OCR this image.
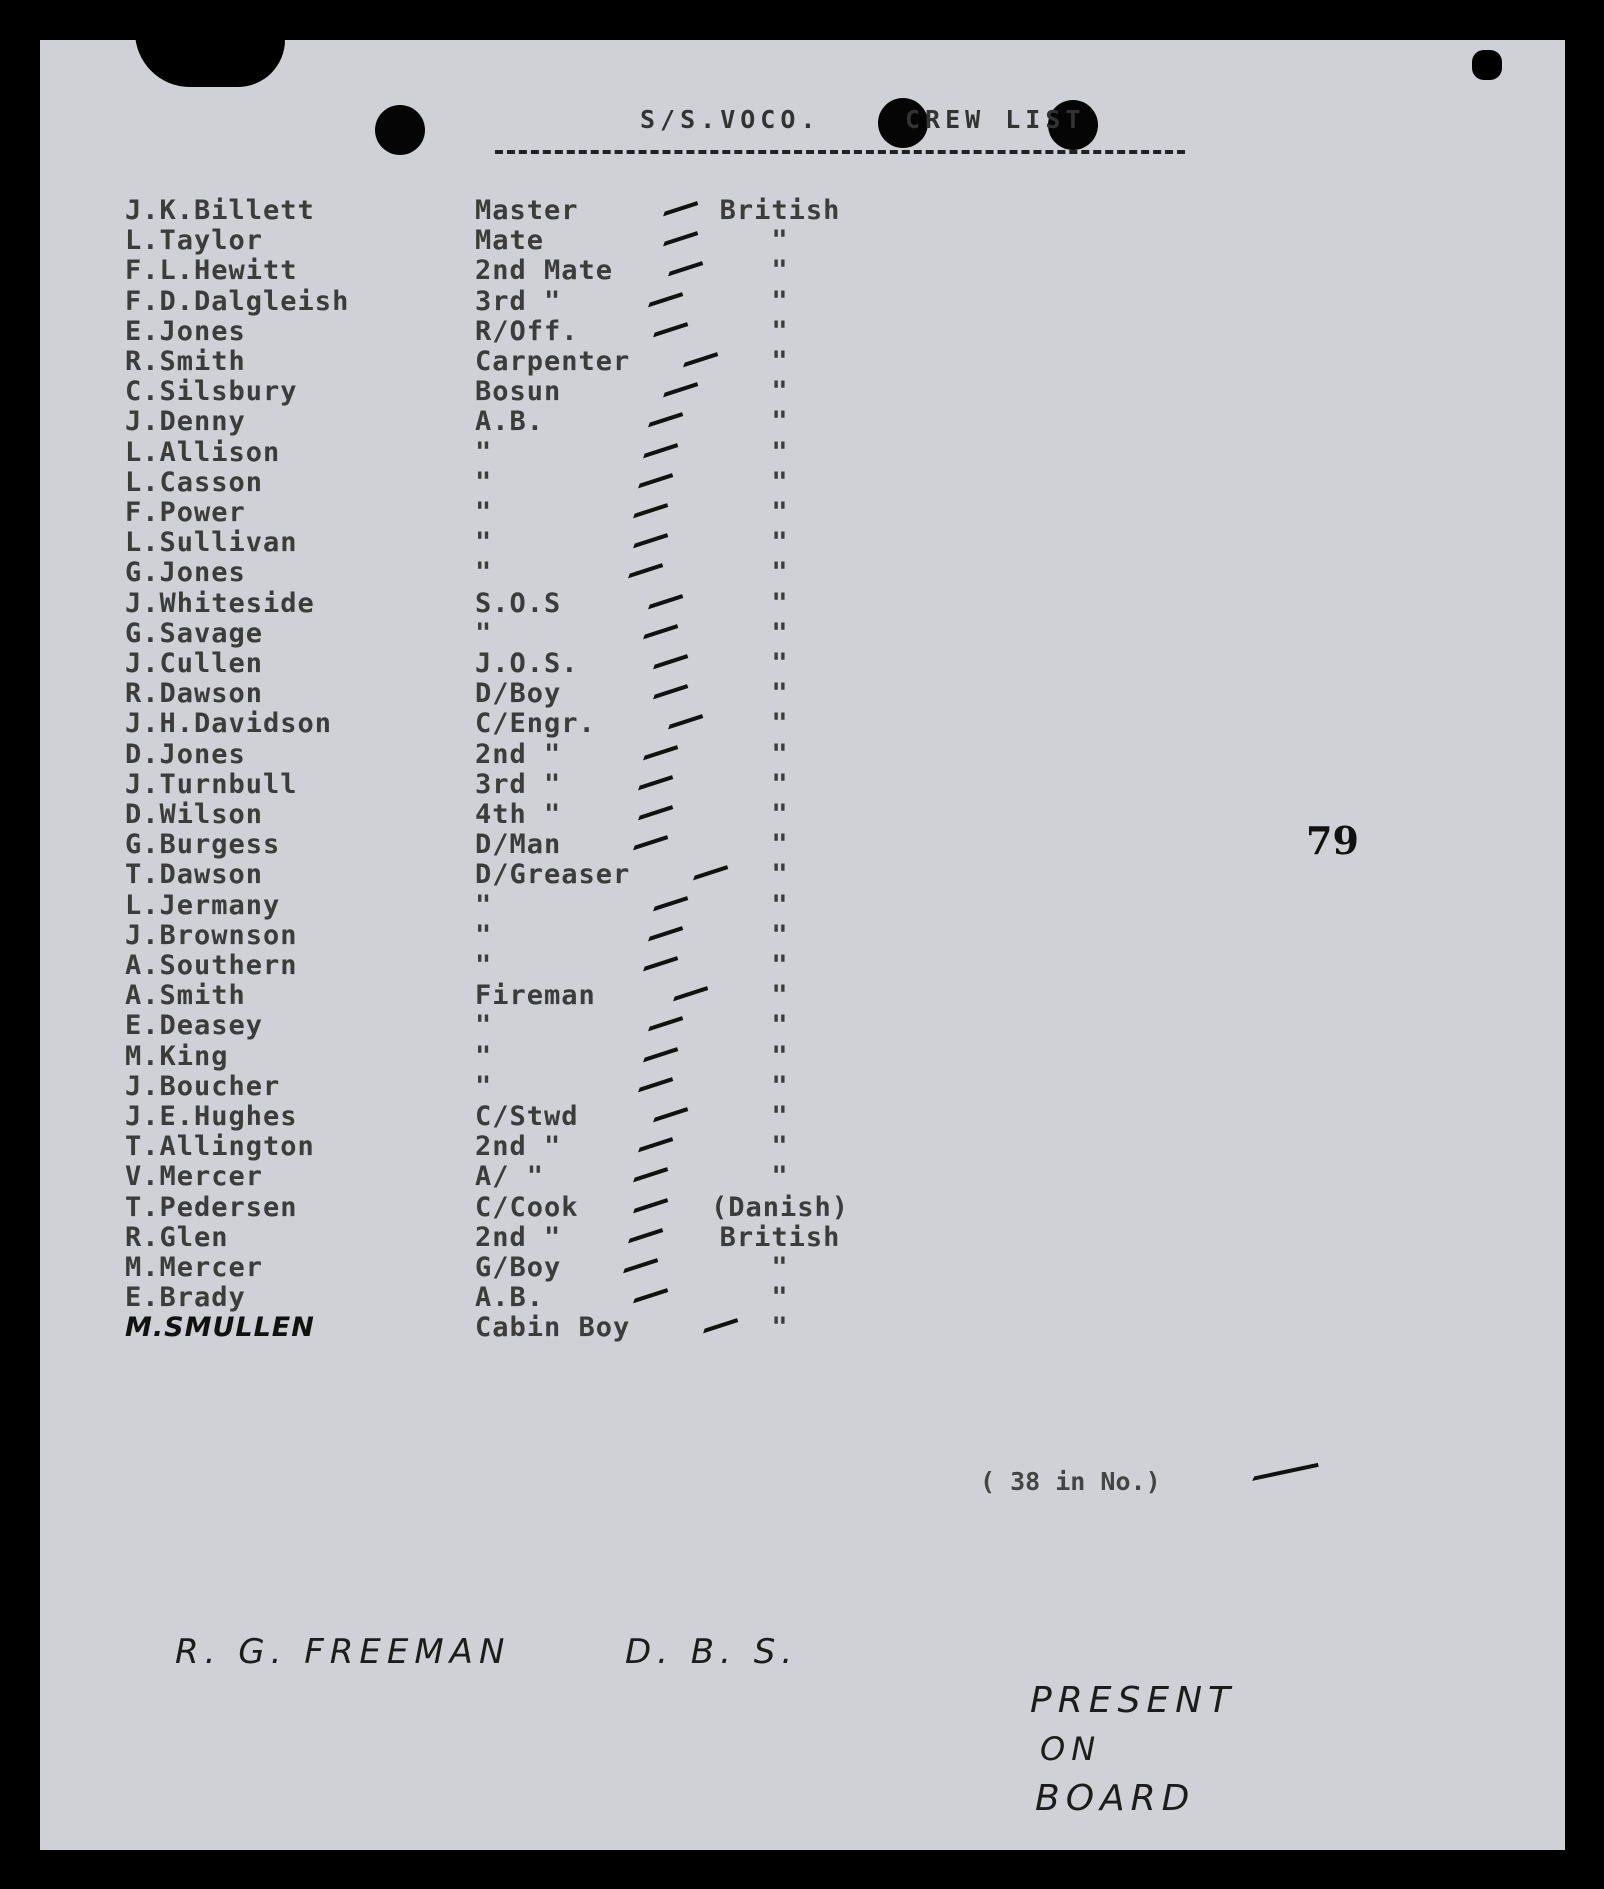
S/S.VOCO.	CREW LIST
J.K.Billett	Master	British
L.Taylor	Mate	"
F.L.Hewitt	2nd Mate	"
F.D.Dalgleish	3rd "	"
E.Jones	R/Off.	"
R.Smith	Carpenter	"
C.Silsbury	Bosun	"
J.Denny	A.B.	"
L.Allison	"	"
L.Casson	"	"
F.Power	"	"
L.Sullivan	"	"
G.Jones	"	"
J.Whiteside	S.O.S	"
G.Savage	"	"
J.Cullen	J.O.S.	"
R.Dawson	D/Boy	"
J.H.Davidson	C/Engr.	"
D.Jones	2nd "	"
J.Turnbull	3rd "	"
D.Wilson	4th "	"
G.Burgess	D/Man	"
T.Dawson	D/Greaser	"
L.Jermany	"	"
J.Brownson	"	"
A.Southern	"	"
A.Smith	Fireman	"
E.Deasey	"	"
M.King	"	"
J.Boucher	"	"
J.E.Hughes	C/Stwd	"
T.Allington	2nd "	"
V.Mercer	A/ "	"
T.Pedersen	C/Cook	(Danish)
R.Glen	2nd "	British
M.Mercer	G/Boy	"
E.Brady	A.B.	"
M.SMULLEN	Cabin Boy	"
79
( 38 in No.)
R. G. FREEMAN	D. B. S.
PRESENT
ON
BOARD
